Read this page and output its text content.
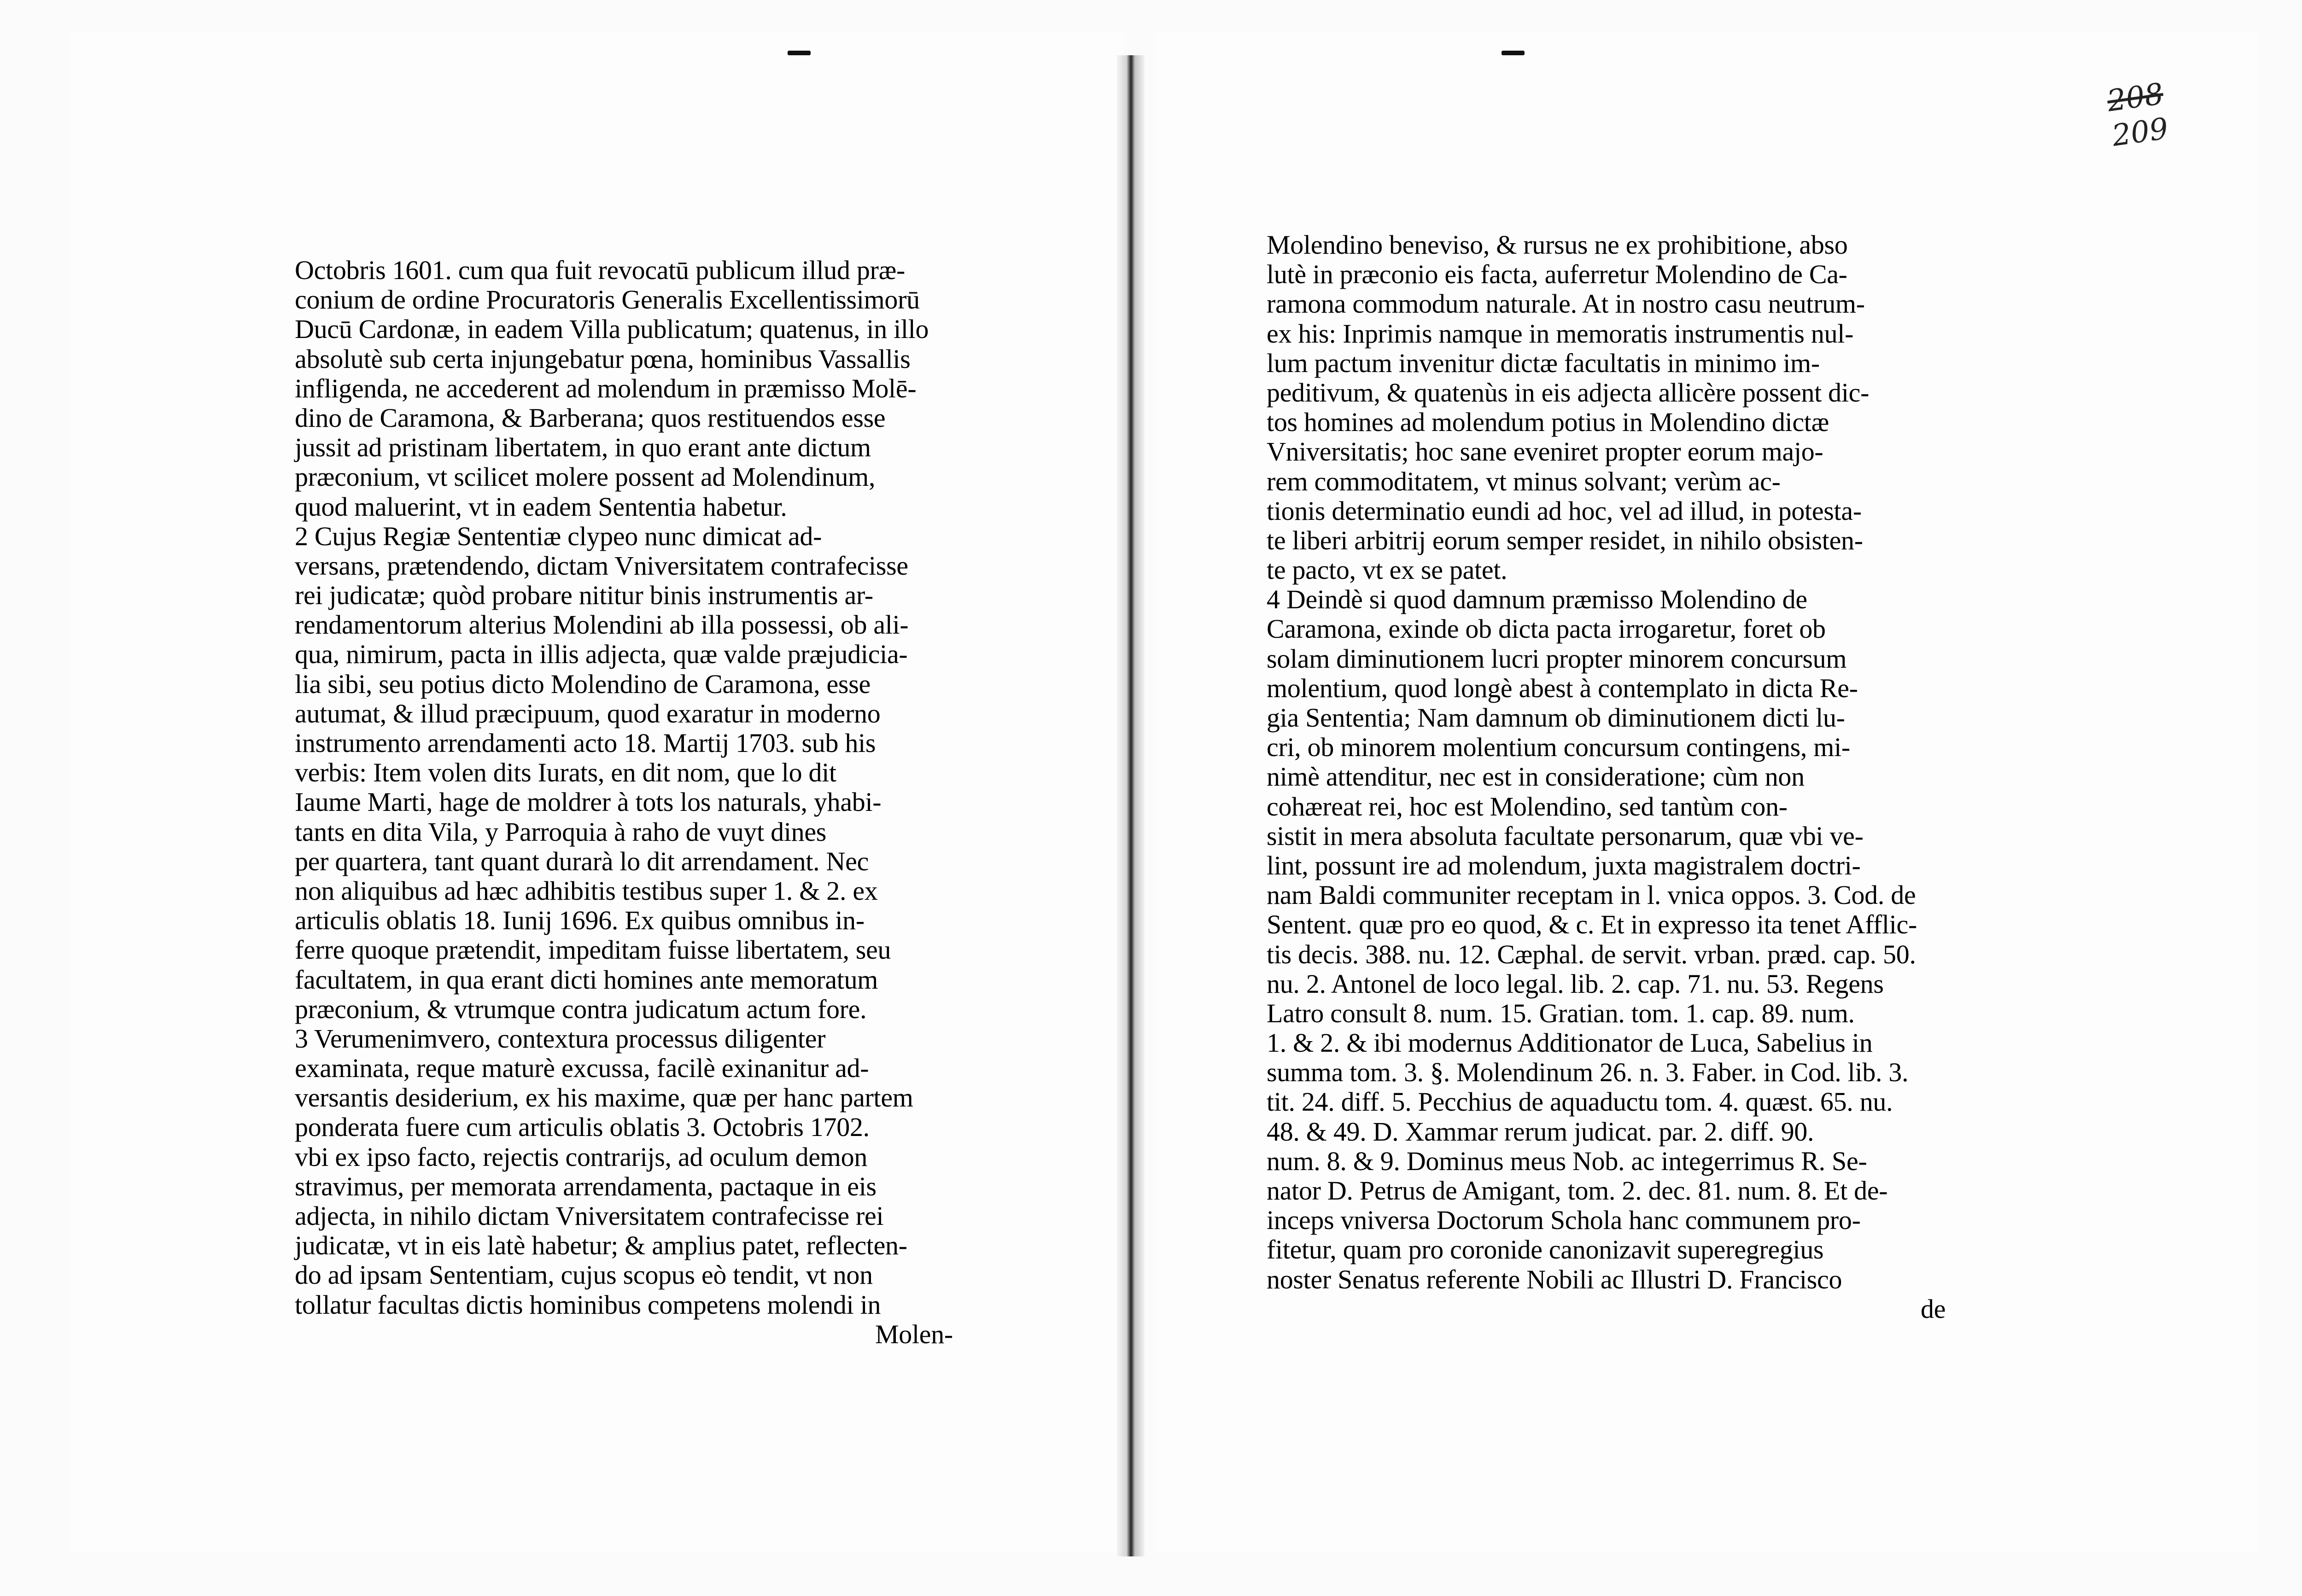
208
209
Octobris 1601. cum qua fuit revocatū publicum illud præ-
conium de ordine Procuratoris Generalis Excellentissimorū
Ducū Cardonæ, in eadem Villa publicatum; quatenus, in illo
absolutè sub certa injungebatur pœna, hominibus Vassallis
infligenda, ne accederent ad molendum in præmisso Molē-
dino de Caramona, & Barberana; quos restituendos esse
jussit ad pristinam libertatem, in quo erant ante dictum
præconium, vt scilicet molere possent ad Molendinum,
quod maluerint, vt in eadem Sententia habetur.
2 Cujus Regiæ Sententiæ clypeo nunc dimicat ad-
versans, prætendendo, dictam Vniversitatem contrafecisse
rei judicatæ; quòd probare nititur binis instrumentis ar-
rendamentorum alterius Molendini ab illa possessi, ob ali-
qua, nimirum, pacta in illis adjecta, quæ valde præjudicia-
lia sibi, seu potius dicto Molendino de Caramona, esse
autumat, & illud præcipuum, quod exaratur in moderno
instrumento arrendamenti acto 18. Martij 1703. sub his
verbis: Item volen dits Iurats, en dit nom, que lo dit
Iaume Marti, hage de moldrer à tots los naturals, yhabi-
tants en dita Vila, y Parroquia à raho de vuyt dines
per quartera, tant quant durarà lo dit arrendament. Nec
non aliquibus ad hæc adhibitis testibus super 1. & 2. ex
articulis oblatis 18. Iunij 1696. Ex quibus omnibus in-
ferre quoque prætendit, impeditam fuisse libertatem, seu
facultatem, in qua erant dicti homines ante memoratum
præconium, & vtrumque contra judicatum actum fore.
3 Verumenimvero, contextura processus diligenter
examinata, reque maturè excussa, facilè exinanitur ad-
versantis desiderium, ex his maxime, quæ per hanc partem
ponderata fuere cum articulis oblatis 3. Octobris 1702.
vbi ex ipso facto, rejectis contrarijs, ad oculum demon
stravimus, per memorata arrendamenta, pactaque in eis
adjecta, in nihilo dictam Vniversitatem contrafecisse rei
judicatæ, vt in eis latè habetur; & amplius patet, reflecten-
do ad ipsam Sententiam, cujus scopus eò tendit, vt non
tollatur facultas dictis hominibus competens molendi in
Molen-
Molendino beneviso, & rursus ne ex prohibitione, abso
lutè in præconio eis facta, auferretur Molendino de Ca-
ramona commodum naturale. At in nostro casu neutrum-
ex his: Inprimis namque in memoratis instrumentis nul-
lum pactum invenitur dictæ facultatis in minimo im-
peditivum, & quatenùs in eis adjecta allicère possent dic-
tos homines ad molendum potius in Molendino dictæ
Vniversitatis; hoc sane eveniret propter eorum majo-
rem commoditatem, vt minus solvant; verùm ac-
tionis determinatio eundi ad hoc, vel ad illud, in potesta-
te liberi arbitrij eorum semper residet, in nihilo obsisten-
te pacto, vt ex se patet.
4 Deindè si quod damnum præmisso Molendino de
Caramona, exinde ob dicta pacta irrogaretur, foret ob
solam diminutionem lucri propter minorem concursum
molentium, quod longè abest à contemplato in dicta Re-
gia Sententia; Nam damnum ob diminutionem dicti lu-
cri, ob minorem molentium concursum contingens, mi-
nimè attenditur, nec est in consideratione; cùm non
cohæreat rei, hoc est Molendino, sed tantùm con-
sistit in mera absoluta facultate personarum, quæ vbi ve-
lint, possunt ire ad molendum, juxta magistralem doctri-
nam Baldi communiter receptam in l. vnica oppos. 3. Cod. de
Sentent. quæ pro eo quod, & c. Et in expresso ita tenet Afflic-
tis decis. 388. nu. 12. Cæphal. de servit. vrban. præd. cap. 50.
nu. 2. Antonel de loco legal. lib. 2. cap. 71. nu. 53. Regens
Latro consult 8. num. 15. Gratian. tom. 1. cap. 89. num.
1. & 2. & ibi modernus Additionator de Luca, Sabelius in
summa tom. 3. §. Molendinum 26. n. 3. Faber. in Cod. lib. 3.
tit. 24. diff. 5. Pecchius de aquaductu tom. 4. quæst. 65. nu.
48. & 49. D. Xammar rerum judicat. par. 2. diff. 90.
num. 8. & 9. Dominus meus Nob. ac integerrimus R. Se-
nator D. Petrus de Amigant, tom. 2. dec. 81. num. 8. Et de-
inceps vniversa Doctorum Schola hanc communem pro-
fitetur, quam pro coronide canonizavit superegregius
noster Senatus referente Nobili ac Illustri D. Francisco
de
